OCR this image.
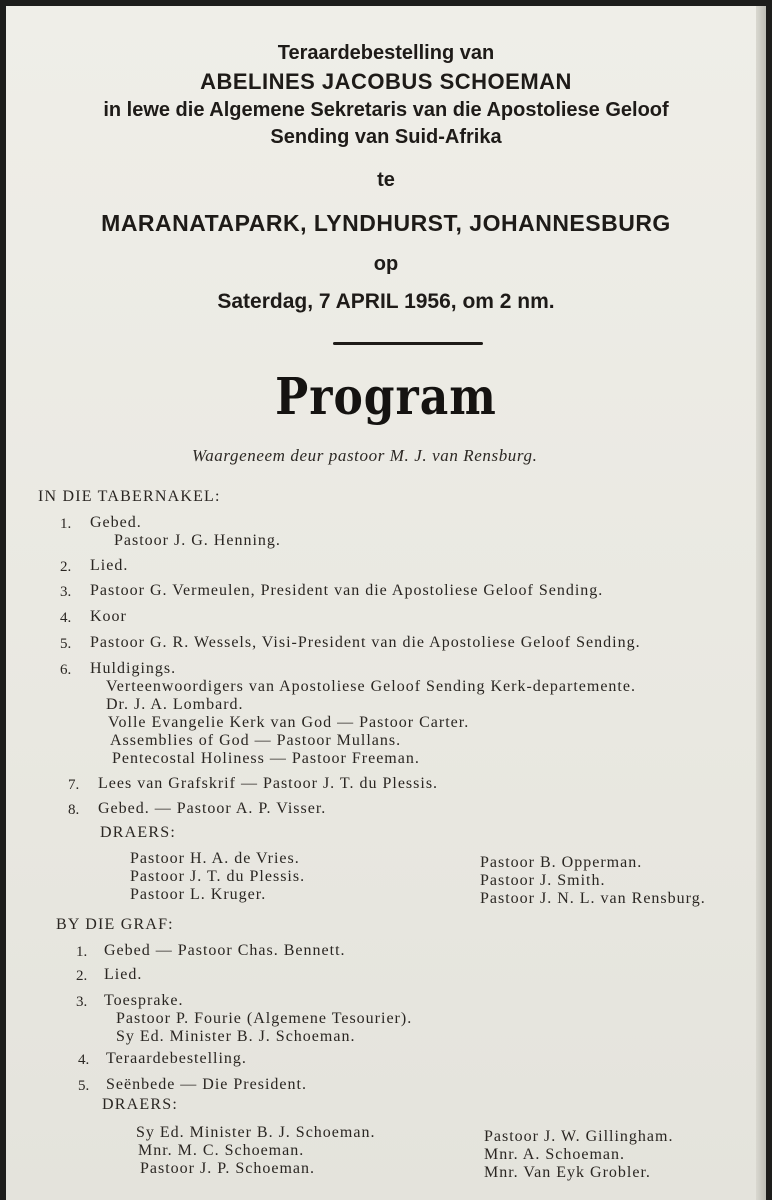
Teraardebestelling van
ABELINES JACOBUS SCHOEMAN
in lewe die Algemene Sekretaris van die Apostoliese Geloof
Sending van Suid-Afrika
te
MARANATAPARK, LYNDHURST, JOHANNESBURG
op
Saterdag, 7 APRIL 1956, om 2 nm.
Program
Waargeneem deur pastoor M. J. van Rensburg.
IN DIE TABERNAKEL:
1. Gebed.
Pastoor J. G. Henning.
2. Lied.
3. Pastoor G. Vermeulen, President van die Apostoliese Geloof Sending.
4. Koor
5. Pastoor G. R. Wessels, Visi-President van die Apostoliese Geloof Sending.
6. Huldigings.
Verteenwoordigers van Apostoliese Geloof Sending Kerk-departemente.
Dr. J. A. Lombard.
Volle Evangelie Kerk van God — Pastoor Carter.
Assemblies of God — Pastoor Mullans.
Pentecostal Holiness — Pastoor Freeman.
7. Lees van Grafskrif — Pastoor J. T. du Plessis.
8. Gebed. — Pastoor A. P. Visser.
DRAERS:
Pastoor H. A. de Vries.
Pastoor J. T. du Plessis.
Pastoor L. Kruger.
Pastoor B. Opperman.
Pastoor J. Smith.
Pastoor J. N. L. van Rensburg.
BY DIE GRAF:
1. Gebed — Pastoor Chas. Bennett.
2. Lied.
3. Toesprake.
Pastoor P. Fourie (Algemene Tesourier).
Sy Ed. Minister B. J. Schoeman.
4. Teraardebestelling.
5. Seënbede — Die President.
DRAERS:
Sy Ed. Minister B. J. Schoeman.
Mnr. M. C. Schoeman.
Pastoor J. P. Schoeman.
Pastoor J. W. Gillingham.
Mnr. A. Schoeman.
Mnr. Van Eyk Grobler.
